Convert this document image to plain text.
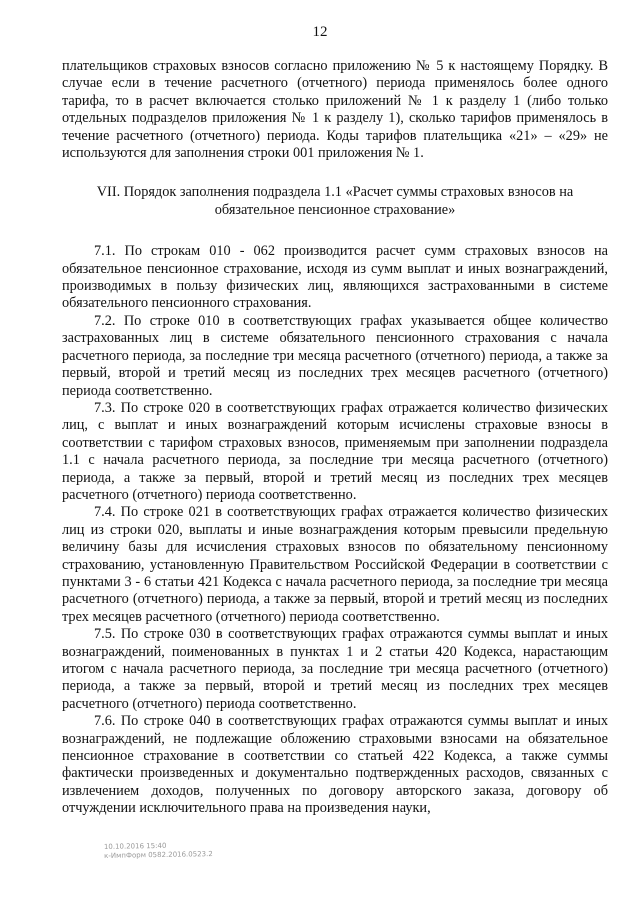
12

плательщиков страховых взносов согласно приложению № 5 к настоящему Порядку. В случае если в течение расчетного (отчетного) периода применялось более одного тарифа, то в расчет включается столько приложений № 1 к разделу 1 (либо только отдельных подразделов приложения № 1 к разделу 1), сколько тарифов применялось в течение расчетного (отчетного) периода. Коды тарифов плательщика «21» – «29» не используются для заполнения строки 001 приложения № 1.

VII. Порядок заполнения подраздела 1.1 «Расчет суммы страховых взносов на обязательное пенсионное страхование»

7.1. По строкам 010 - 062 производится расчет сумм страховых взносов на обязательное пенсионное страхование, исходя из сумм выплат и иных вознаграждений, производимых в пользу физических лиц, являющихся застрахованными в системе обязательного пенсионного страхования.

7.2. По строке 010 в соответствующих графах указывается общее количество застрахованных лиц в системе обязательного пенсионного страхования с начала расчетного периода, за последние три месяца расчетного (отчетного) периода, а также за первый, второй и третий месяц из последних трех месяцев расчетного (отчетного) периода соответственно.

7.3. По строке 020 в соответствующих графах отражается количество физических лиц, с выплат и иных вознаграждений которым исчислены страховые взносы в соответствии с тарифом страховых взносов, применяемым при заполнении подраздела 1.1 с начала расчетного периода, за последние три месяца расчетного (отчетного) периода, а также за первый, второй и третий месяц из последних трех месяцев расчетного (отчетного) периода соответственно.

7.4. По строке 021 в соответствующих графах отражается количество физических лиц из строки 020, выплаты и иные вознаграждения которым превысили предельную величину базы для исчисления страховых взносов по обязательному пенсионному страхованию, установленную Правительством Российской Федерации в соответствии с пунктами 3 - 6 статьи 421 Кодекса с начала расчетного периода, за последние три месяца расчетного (отчетного) периода, а также за первый, второй и третий месяц из последних трех месяцев расчетного (отчетного) периода соответственно.

7.5. По строке 030 в соответствующих графах отражаются суммы выплат и иных вознаграждений, поименованных в пунктах 1 и 2 статьи 420 Кодекса, нарастающим итогом с начала расчетного периода, за последние три месяца расчетного (отчетного) периода, а также за первый, второй и третий месяц из последних трех месяцев расчетного (отчетного) периода соответственно.

7.6. По строке 040 в соответствующих графах отражаются суммы выплат и иных вознаграждений, не подлежащие обложению страховыми взносами на обязательное пенсионное страхование в соответствии со статьей 422 Кодекса, а также суммы фактически произведенных и документально подтвержденных расходов, связанных с извлечением доходов, полученных по договору авторского заказа, договору об отчуждении исключительного права на произведения науки,

10.10.2016 15:40
к-ИмпФорм 0582.2016.0523.2
